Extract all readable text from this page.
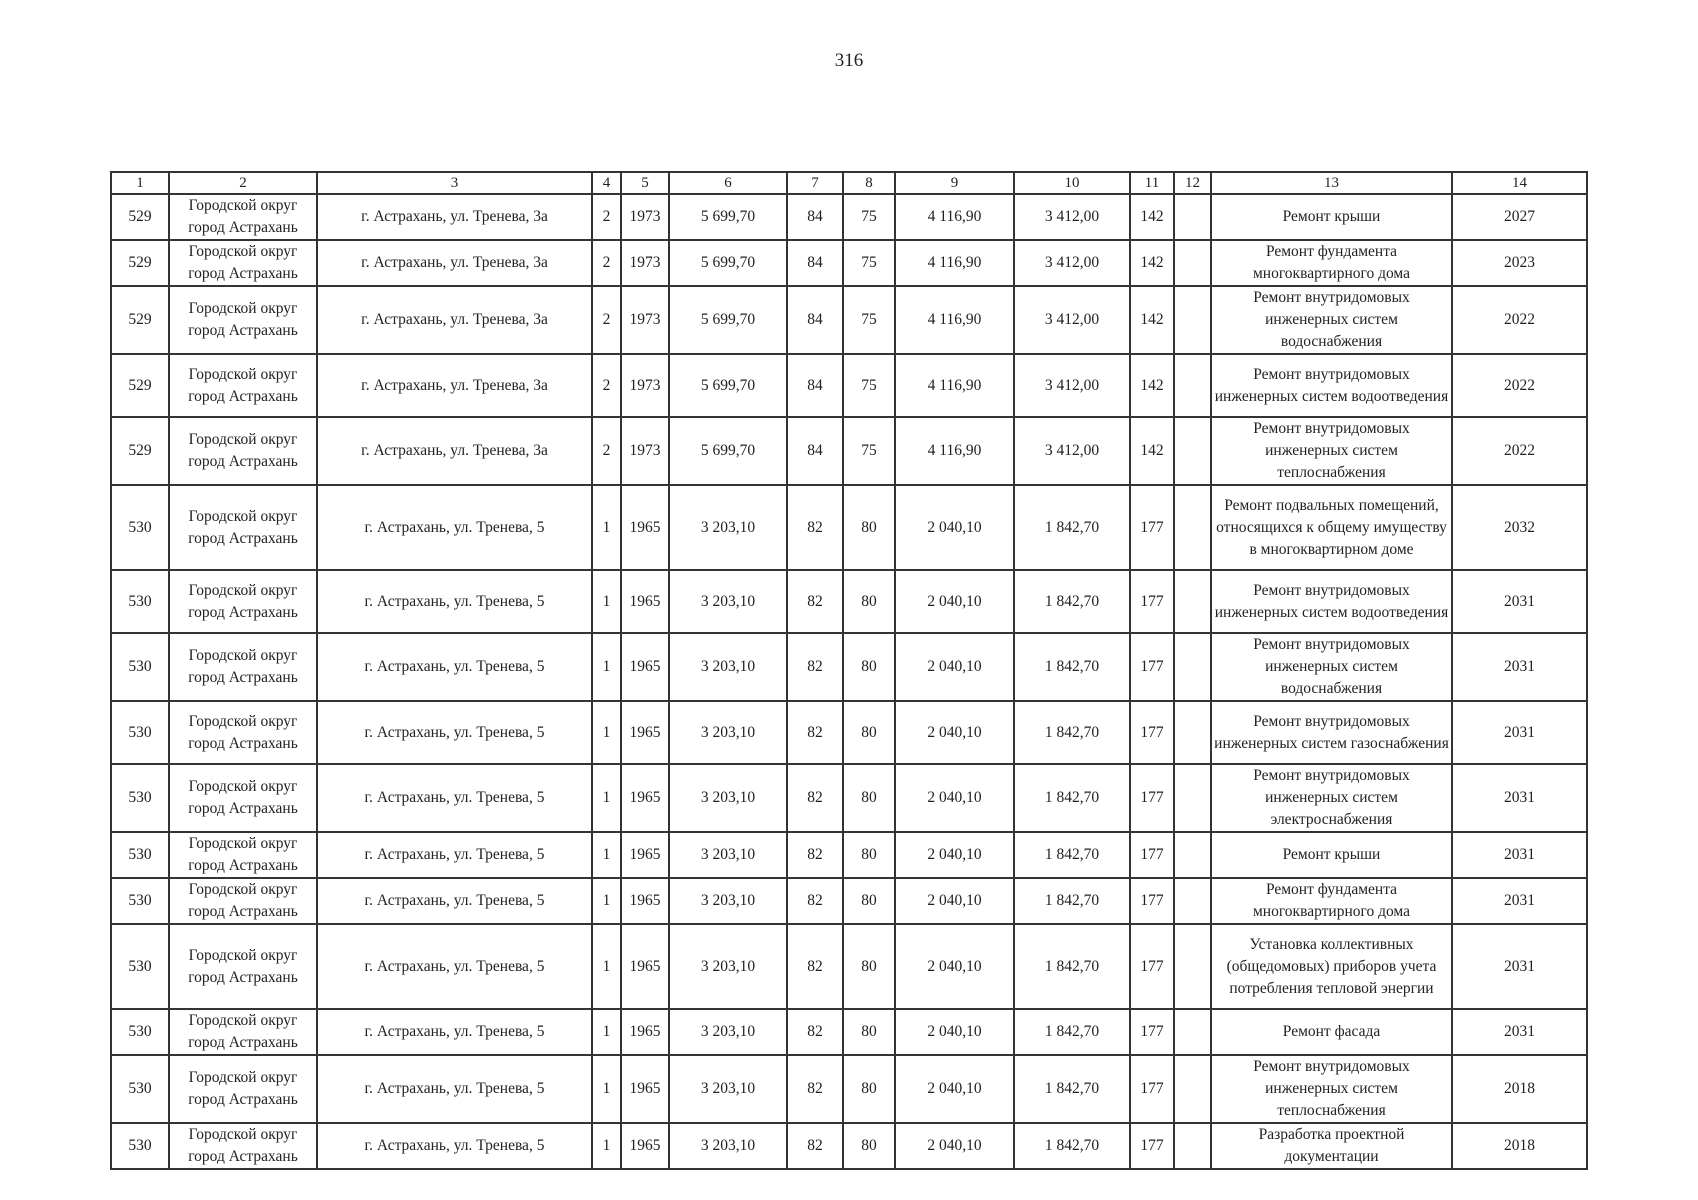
316
1	2	3	4	5	6	7	8	9	10	11	12	13	14
529	Городской округ город Астрахань	г. Астрахань, ул. Тренева, 3а	2	1973	5 699,70	84	75	4 116,90	3 412,00	142		Ремонт крыши	2027
529	Городской округ город Астрахань	г. Астрахань, ул. Тренева, 3а	2	1973	5 699,70	84	75	4 116,90	3 412,00	142		Ремонт фундамента многоквартирного дома	2023
529	Городской округ город Астрахань	г. Астрахань, ул. Тренева, 3а	2	1973	5 699,70	84	75	4 116,90	3 412,00	142		Ремонт внутридомовых инженерных систем водоснабжения	2022
529	Городской округ город Астрахань	г. Астрахань, ул. Тренева, 3а	2	1973	5 699,70	84	75	4 116,90	3 412,00	142		Ремонт внутридомовых инженерных систем водоотведения	2022
529	Городской округ город Астрахань	г. Астрахань, ул. Тренева, 3а	2	1973	5 699,70	84	75	4 116,90	3 412,00	142		Ремонт внутридомовых инженерных систем теплоснабжения	2022
530	Городской округ город Астрахань	г. Астрахань, ул. Тренева, 5	1	1965	3 203,10	82	80	2 040,10	1 842,70	177		Ремонт подвальных помещений, относящихся к общему имуществу в многоквартирном доме	2032
530	Городской округ город Астрахань	г. Астрахань, ул. Тренева, 5	1	1965	3 203,10	82	80	2 040,10	1 842,70	177		Ремонт внутридомовых инженерных систем водоотведения	2031
530	Городской округ город Астрахань	г. Астрахань, ул. Тренева, 5	1	1965	3 203,10	82	80	2 040,10	1 842,70	177		Ремонт внутридомовых инженерных систем водоснабжения	2031
530	Городской округ город Астрахань	г. Астрахань, ул. Тренева, 5	1	1965	3 203,10	82	80	2 040,10	1 842,70	177		Ремонт внутридомовых инженерных систем газоснабжения	2031
530	Городской округ город Астрахань	г. Астрахань, ул. Тренева, 5	1	1965	3 203,10	82	80	2 040,10	1 842,70	177		Ремонт внутридомовых инженерных систем электроснабжения	2031
530	Городской округ город Астрахань	г. Астрахань, ул. Тренева, 5	1	1965	3 203,10	82	80	2 040,10	1 842,70	177		Ремонт крыши	2031
530	Городской округ город Астрахань	г. Астрахань, ул. Тренева, 5	1	1965	3 203,10	82	80	2 040,10	1 842,70	177		Ремонт фундамента многоквартирного дома	2031
530	Городской округ город Астрахань	г. Астрахань, ул. Тренева, 5	1	1965	3 203,10	82	80	2 040,10	1 842,70	177		Установка коллективных (общедомовых) приборов учета потребления тепловой энергии	2031
530	Городской округ город Астрахань	г. Астрахань, ул. Тренева, 5	1	1965	3 203,10	82	80	2 040,10	1 842,70	177		Ремонт фасада	2031
530	Городской округ город Астрахань	г. Астрахань, ул. Тренева, 5	1	1965	3 203,10	82	80	2 040,10	1 842,70	177		Ремонт внутридомовых инженерных систем теплоснабжения	2018
530	Городской округ город Астрахань	г. Астрахань, ул. Тренева, 5	1	1965	3 203,10	82	80	2 040,10	1 842,70	177		Разработка проектной документации	2018
